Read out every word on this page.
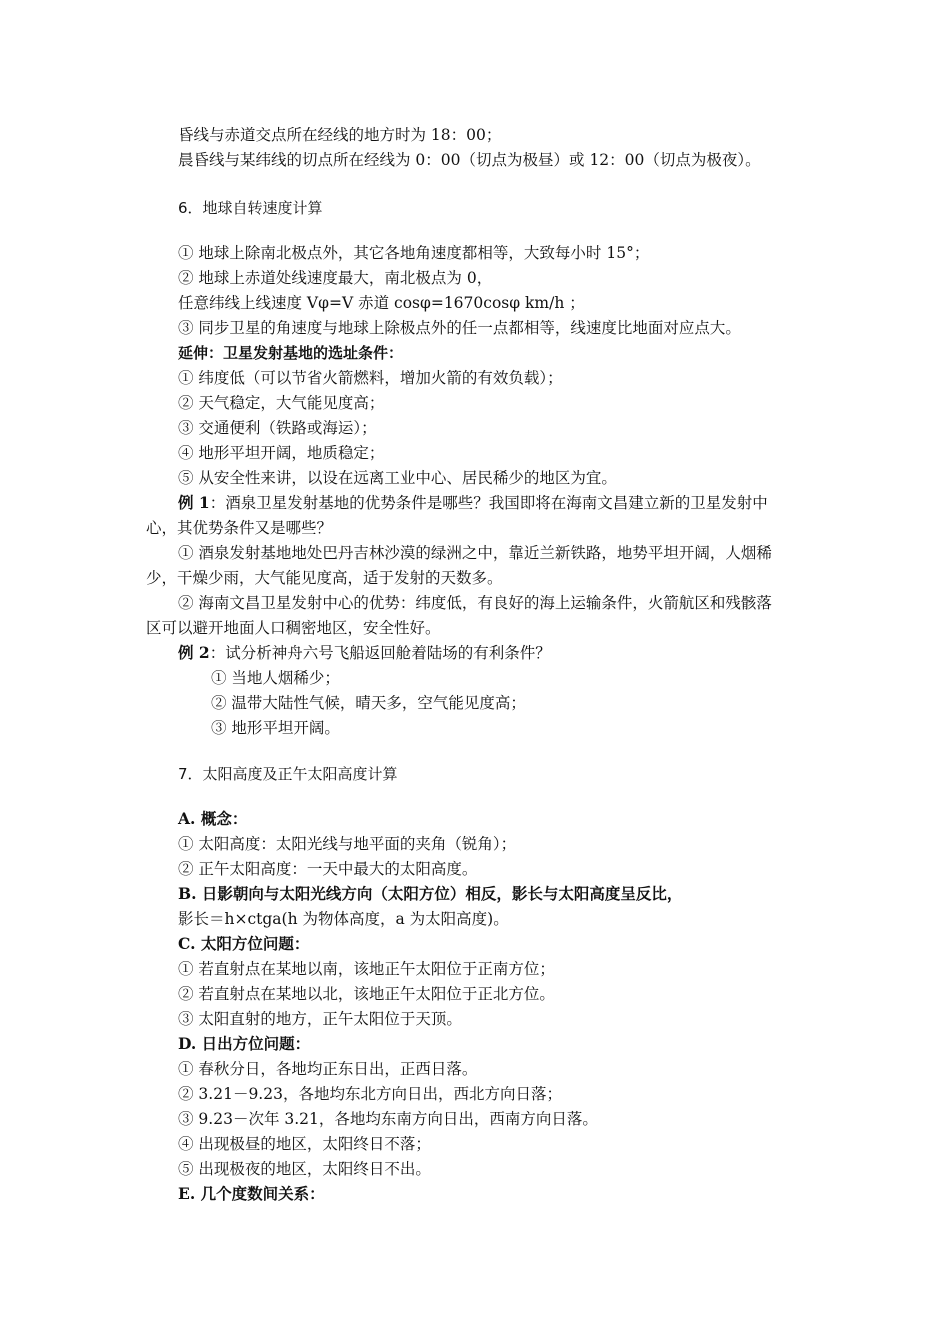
昏线与赤道交点所在经线的地方时为 18：00；
晨昏线与某纬线的切点所在经线为 0：00（切点为极昼）或 12：00（切点为极夜）。
6．地球自转速度计算
① 地球上除南北极点外，其它各地角速度都相等，大致每小时 15°；
② 地球上赤道处线速度最大，南北极点为 0，
任意纬线上线速度 Vφ=V 赤道 cosφ=1670cosφ km/h ；
③ 同步卫星的角速度与地球上除极点外的任一点都相等，线速度比地面对应点大。
延伸：卫星发射基地的选址条件：
① 纬度低（可以节省火箭燃料，增加火箭的有效负载）；
② 天气稳定，大气能见度高；
③ 交通便利（铁路或海运）；
④ 地形平坦开阔，地质稳定；
⑤ 从安全性来讲，以设在远离工业中心、居民稀少的地区为宜。
例 1：酒泉卫星发射基地的优势条件是哪些？我国即将在海南文昌建立新的卫星发射中
心，其优势条件又是哪些？
① 酒泉发射基地地处巴丹吉林沙漠的绿洲之中，靠近兰新铁路，地势平坦开阔，人烟稀
少，干燥少雨，大气能见度高，适于发射的天数多。
② 海南文昌卫星发射中心的优势：纬度低，有良好的海上运输条件，火箭航区和残骸落
区可以避开地面人口稠密地区，安全性好。
例 2：试分析神舟六号飞船返回舱着陆场的有利条件？
① 当地人烟稀少；
② 温带大陆性气候，晴天多，空气能见度高；
③ 地形平坦开阔。
7．太阳高度及正午太阳高度计算
A. 概念：
① 太阳高度：太阳光线与地平面的夹角（锐角）；
② 正午太阳高度：一天中最大的太阳高度。
B. 日影朝向与太阳光线方向（太阳方位）相反，影长与太阳高度呈反比，
影长＝h×ctga(h 为物体高度，a 为太阳高度)。
C. 太阳方位问题：
① 若直射点在某地以南，该地正午太阳位于正南方位；
② 若直射点在某地以北，该地正午太阳位于正北方位。
③ 太阳直射的地方，正午太阳位于天顶。
D. 日出方位问题：
① 春秋分日，各地均正东日出，正西日落。
② 3.21－9.23，各地均东北方向日出，西北方向日落；
③ 9.23－次年 3.21，各地均东南方向日出，西南方向日落。
④ 出现极昼的地区，太阳终日不落；
⑤ 出现极夜的地区，太阳终日不出。
E. 几个度数间关系：
